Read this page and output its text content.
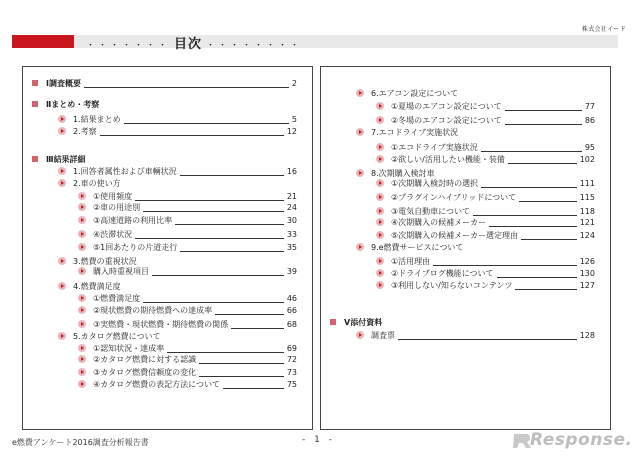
株式会社イード
・・・・・・・ 目次 ・・・・・・・・
Ⅰ調査概要	2
Ⅱまとめ・考察
1.結果まとめ	5
2.考察	12
Ⅲ結果詳細
1.回答者属性および車輌状況	16
2.車の使い方
①使用頻度	21
②車の用途別	24
③高速道路の利用比率	30
④渋滞状況	33
⑤1回あたりの片道走行	35
3.燃費の重視状況
購入時重視項目	39
4.燃費満足度
①燃費満足度	46
②現状燃費の期待燃費への達成率	66
③実燃費・現状燃費・期待燃費の関係	68
5.カタログ燃費について
①認知状況・達成率	69
②カタログ燃費に対する認識	72
③カタログ燃費信頼度の変化	73
④カタログ燃費の表記方法について	75
6.エアコン設定について
①夏場のエアコン設定について	77
②冬場のエアコン設定について	86
7.エコドライブ実施状況
①エコドライブ実施状況	95
②欲しい/活用したい機能・装備	102
8.次期購入検討車
①次期購入検討時の選択	111
②プラグインハイブリッドについて	115
③電気自動車について	118
④次期購入の候補メーカー	121
⑤次期購入の候補メーカー選定理由	124
9.e燃費サービスについて
①活用理由	126
②ドライブログ機能について	130
③利用しない/知らないコンテンツ	127
Ⅴ添付資料
調査票	128
e燃費アンケート2016調査分析報告書	- 1 -	Response.
